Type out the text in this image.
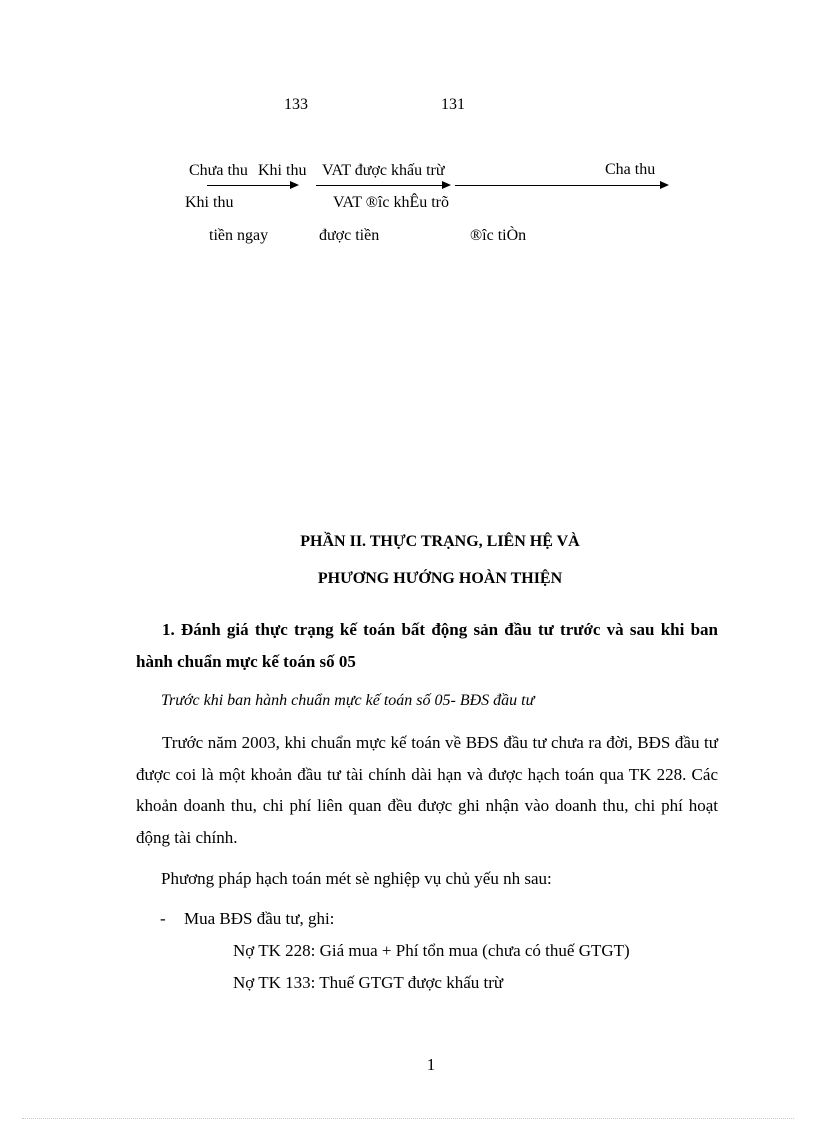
133	131
Chưa thu Khi thu VAT được khấu trừ	Cha thu
Khi thu	VAT ®îc khÊu trõ
tiền ngay	được tiền	®îc tiÒn
PHẦN II. THỰC TRẠNG, LIÊN HỆ VÀ
PHƯƠNG HƯỚNG HOÀN THIỆN
1. Đánh giá thực trạng kế toán bất động sản đầu tư trước và sau khi ban hành chuẩn mực kế toán số 05
Trước khi ban hành chuẩn mực kế toán số 05- BĐS đầu tư
Trước năm 2003, khi chuẩn mực kế toán về BĐS đầu tư chưa ra đời, BĐS đầu tư được coi là một khoản đầu tư tài chính dài hạn và được hạch toán qua TK 228. Các khoản doanh thu, chi phí liên quan đều được ghi nhận vào doanh thu, chi phí hoạt động tài chính.
Phương pháp hạch toán mét sè nghiệp vụ chủ yếu nh sau:
- Mua BĐS đầu tư, ghi:
Nợ TK 228: Giá mua + Phí tổn mua (chưa có thuế GTGT)
Nợ TK 133: Thuế GTGT được khấu trừ
1
